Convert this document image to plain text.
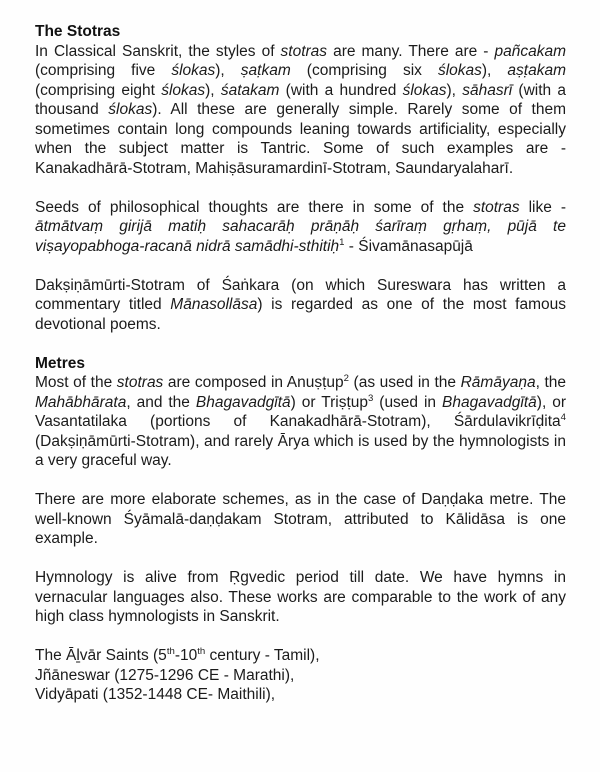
The Stotras

In Classical Sanskrit, the styles of stotras are many. There are - pañcakam (comprising five ślokas), ṣaṭkam (comprising six ślokas), aṣṭakam (comprising eight ślokas), śatakam (with a hundred ślokas), sāhasrī (with a thousand ślokas). All these are generally simple. Rarely some of them sometimes contain long compounds leaning towards artificiality, especially when the subject matter is Tantric. Some of such examples are - Kanakadhārā-Stotram, Mahiṣāsuramardinī-Stotram, Saundaryalaharī.

Seeds of philosophical thoughts are there in some of the stotras like - ātmātvaṃ girijā matiḥ sahacarāḥ prāṇāḥ śarīraṃ gṛhaṃ, pūjā te viṣayopabhoga-racanā nidrā samādhi-sthitiḥ$^1$ - Śivamānasapūjā

Dakṣiṇāmūrti-Stotram of Śaṅkara (on which Sureswara has written a commentary titled Mānasollāsa) is regarded as one of the most famous devotional poems.

Metres

Most of the stotras are composed in Anuṣṭup$^2$ (as used in the Rāmāyaṇa, the Mahābhārata, and the Bhagavadgītā) or Triṣṭup$^3$ (used in Bhagavadgītā), or Vasantatilaka (portions of Kanakadhārā-Stotram), Śārdulavikrīḍita$^4$ (Dakṣiṇāmūrti-Stotram), and rarely Ārya which is used by the hymnologists in a very graceful way.

There are more elaborate schemes, as in the case of Daṇḍaka metre. The well-known Śyāmalā-daṇḍakam Stotram, attributed to Kālidāsa is one example.

Hymnology is alive from Ṛgvedic period till date. We have hymns in vernacular languages also. These works are comparable to the work of any high class hymnologists in Sanskrit.

The Āḻvār Saints (5th-10th century - Tamil),
Jñāneswar (1275-1296 CE - Marathi),
Vidyāpati (1352-1448 CE- Maithili),
